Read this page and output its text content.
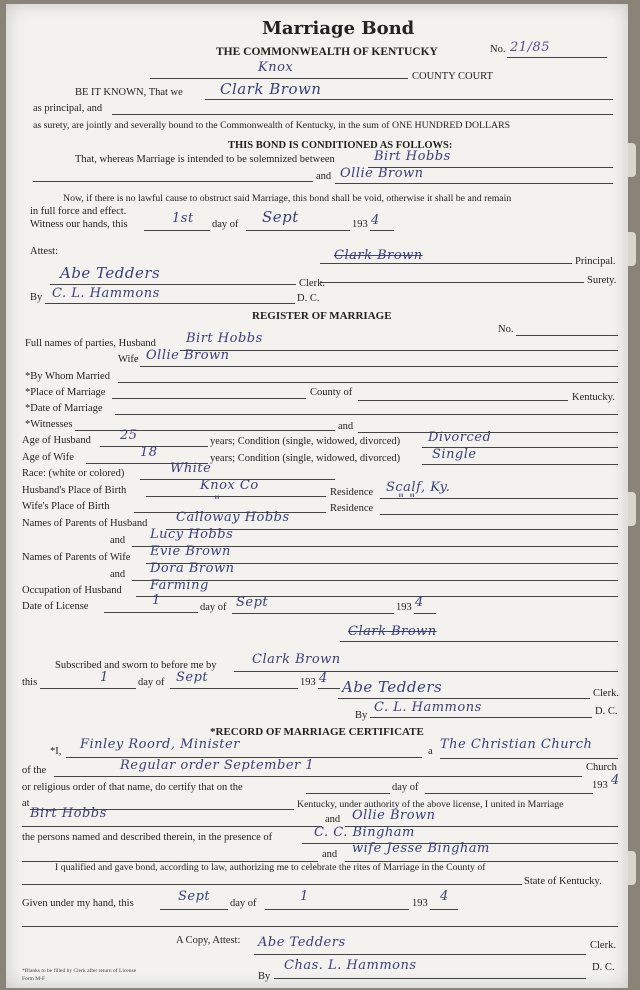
Marriage Bond
THE COMMONWEALTH OF KENTUCKY	No. 21/85
Knox
COUNTY COURT
BE IT KNOWN, That we Clark Brown
as principal, and
as surety, are jointly and severally bound to the Commonwealth of Kentucky, in the sum of ONE HUNDRED DOLLARS
THIS BOND IS CONDITIONED AS FOLLOWS:
That, whereas Marriage is intended to be solemnized between	Birt Hobbs
and Ollie Brown
Now, if there is no lawful cause to obstruct said Marriage, this bond shall be void, otherwise it shall be and remain
in full force and effect.
Witness our hands, this	1st day of Sept	193 4
Attest:	Clark Brown	Principal.
Surety.
Abe Tedders
Clerk.
By C. L. Hammons	D. C.
REGISTER OF MARRIAGE
No.
Full names of parties, Husband Birt Hobbs
Wife Ollie Brown
*By Whom Married
*Place of Marriage	County of	Kentucky.
*Date of Marriage
*Witnesses	and
Age of Husband 25	years; Condition (single, widowed, divorced) Divorced
Age of Wife	18	years; Condition (single, widowed, divorced) Single
Race: (white or colored)	White
Husband's Place of Birth	Knox Co	Residence Scalf, Ky.
Wife's Place of Birth	"	Residence
" "
Names of Parents of Husband Calloway Hobbs
and Lucy Hobbs
Names of Parents of Wife Evie Brown
and Dora Brown
Occupation of Husband Farming
Date of License	1	day of Sept	193 4
Clark Brown
Subscribed and sworn to before me by	Clark Brown
this	1	day of Sept	193 4 Abe Tedders	Clerk.
By
C. L. Hammons	D. C.
*RECORD OF MARRIAGE CERTIFICATE
*I, Finley Roord, Minister	a The Christian Church
of the	Regular order September 1	Church
or religious order of that name, do certify that on the	day of	193 4
at	Kentucky, under authority of the above license, I united in Marriage
Birt Hobbs	and Ollie Brown
the persons named and described therein, in the presence of	C. C. Bingham
and wife Jesse Bingham
I qualified and gave bond, according to law, authorizing me to celebrate the rites of Marriage in the County of
State of Kentucky.
Given under my hand, this	Sept day of	1	193 4
A Copy, Attest: Abe Tedders	Clerk.
By
Chas. L. Hammons	D. C.
*Blanks to be filled by Clerk after return of License
Form M-F
